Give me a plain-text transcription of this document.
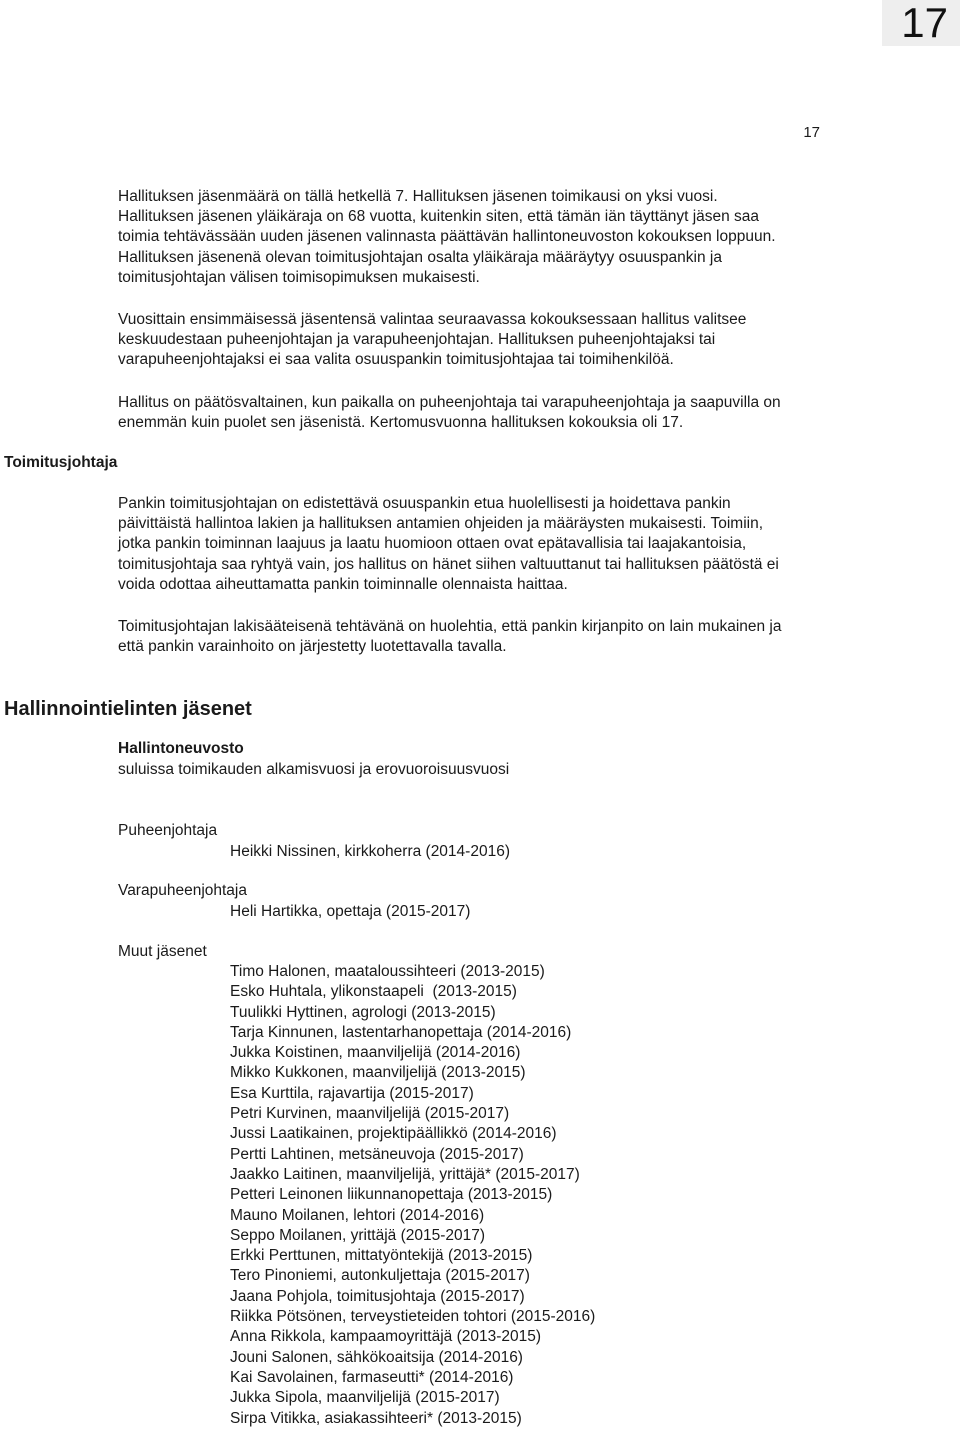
17
17
Hallituksen jäsenmäärä on tällä hetkellä 7. Hallituksen jäsenen toimikausi on yksi vuosi.
Hallituksen jäsenen yläikäraja on 68 vuotta, kuitenkin siten, että tämän iän täyttänyt jäsen saa
toimia tehtävässään uuden jäsenen valinnasta päättävän hallintoneuvoston kokouksen loppuun.
Hallituksen jäsenenä olevan toimitusjohtajan osalta yläikäraja määräytyy osuuspankin ja
toimitusjohtajan välisen toimisopimuksen mukaisesti.
Vuosittain ensimmäisessä jäsentensä valintaa seuraavassa kokouksessaan hallitus valitsee
keskuudestaan puheenjohtajan ja varapuheenjohtajan. Hallituksen puheenjohtajaksi tai
varapuheenjohtajaksi ei saa valita osuuspankin toimitusjohtajaa tai toimihenkilöä.
Hallitus on päätösvaltainen, kun paikalla on puheenjohtaja tai varapuheenjohtaja ja saapuvilla on
enemmän kuin puolet sen jäsenistä. Kertomusvuonna hallituksen kokouksia oli 17.
Toimitusjohtaja
Pankin toimitusjohtajan on edistettävä osuuspankin etua huolellisesti ja hoidettava pankin
päivittäistä hallintoa lakien ja hallituksen antamien ohjeiden ja määräysten mukaisesti. Toimiin,
jotka pankin toiminnan laajuus ja laatu huomioon ottaen ovat epätavallisia tai laajakantoisia,
toimitusjohtaja saa ryhtyä vain, jos hallitus on hänet siihen valtuuttanut tai hallituksen päätöstä ei
voida odottaa aiheuttamatta pankin toiminnalle olennaista haittaa.
Toimitusjohtajan lakisääteisenä tehtävänä on huolehtia, että pankin kirjanpito on lain mukainen ja
että pankin varainhoito on järjestetty luotettavalla tavalla.
Hallinnointielinten jäsenet
Hallintoneuvosto
suluissa toimikauden alkamisvuosi ja erovuoroisuusvuosi
Puheenjohtaja
Heikki Nissinen, kirkkoherra (2014-2016)
Varapuheenjohtaja
Heli Hartikka, opettaja (2015-2017)
Muut jäsenet
Timo Halonen, maataloussihteeri (2013-2015)
Esko Huhtala, ylikonstaapeli  (2013-2015)
Tuulikki Hyttinen, agrologi (2013-2015)
Tarja Kinnunen, lastentarhanopettaja (2014-2016)
Jukka Koistinen, maanviljelijä (2014-2016)
Mikko Kukkonen, maanviljelijä (2013-2015)
Esa Kurttila, rajavartija (2015-2017)
Petri Kurvinen, maanviljelijä (2015-2017)
Jussi Laatikainen, projektipäällikkö (2014-2016)
Pertti Lahtinen, metsäneuvoja (2015-2017)
Jaakko Laitinen, maanviljelijä, yrittäjä* (2015-2017)
Petteri Leinonen liikunnanopettaja (2013-2015)
Mauno Moilanen, lehtori (2014-2016)
Seppo Moilanen, yrittäjä (2015-2017)
Erkki Perttunen, mittatyöntekijä (2013-2015)
Tero Pinoniemi, autonkuljettaja (2015-2017)
Jaana Pohjola, toimitusjohtaja (2015-2017)
Riikka Pötsönen, terveystieteiden tohtori (2015-2016)
Anna Rikkola, kampaamoyrittäjä (2013-2015)
Jouni Salonen, sähkökoaitsija (2014-2016)
Kai Savolainen, farmaseutti* (2014-2016)
Jukka Sipola, maanviljelijä (2015-2017)
Sirpa Vitikka, asiakassihteeri* (2013-2015)
